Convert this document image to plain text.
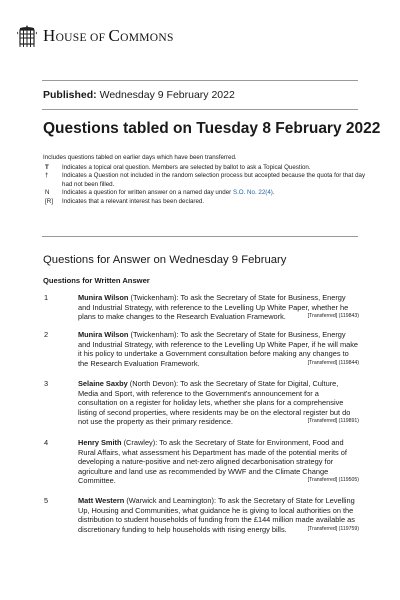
HOUSE OF COMMONS
Published: Wednesday 9 February 2022
Questions tabled on Tuesday 8 February 2022

Includes questions tabled on earlier days which have been transferred.

T	Indicates a topical oral question. Members are selected by ballot to ask a Topical Question.
†	Indicates a Question not included in the random selection process but accepted because the quota for that day had not been filled.
N	Indicates a question for written answer on a named day under S.O. No. 22(4).
[R]	Indicates that a relevant interest has been declared.
Questions for Answer on Wednesday 9 February
Questions for Written Answer
1	Munira Wilson (Twickenham): To ask the Secretary of State for Business, Energy and Industrial Strategy, with reference to the Levelling Up White Paper, whether he plans to make changes to the Research Evaluation Framework.	[Transferred] (119843)
2	Munira Wilson (Twickenham): To ask the Secretary of State for Business, Energy and Industrial Strategy, with reference to the Levelling Up White Paper, if he will make it his policy to undertake a Government consultation before making any changes to the Research Evaluation Framework.	[Transferred] (119844)
3	Selaine Saxby (North Devon): To ask the Secretary of State for Digital, Culture, Media and Sport, with reference to the Government's announcement for a consultation on a register for holiday lets, whether she plans for a comprehensive listing of second properties, where residents may be on the electoral register but do not use the property as their primary residence.	[Transferred] (119891)
4	Henry Smith (Crawley): To ask the Secretary of State for Environment, Food and Rural Affairs, what assessment his Department has made of the potential merits of developing a nature-positive and net-zero aligned decarbonisation strategy for agriculture and land use as recommended by WWF and the Climate Change Committee.	[Transferred] (119505)
5	Matt Western (Warwick and Leamington): To ask the Secretary of State for Levelling Up, Housing and Communities, what guidance he is giving to local authorities on the distribution to student households of funding from the £144 million made available as discretionary funding to help households with rising energy bills.	[Transferred] (119759)
